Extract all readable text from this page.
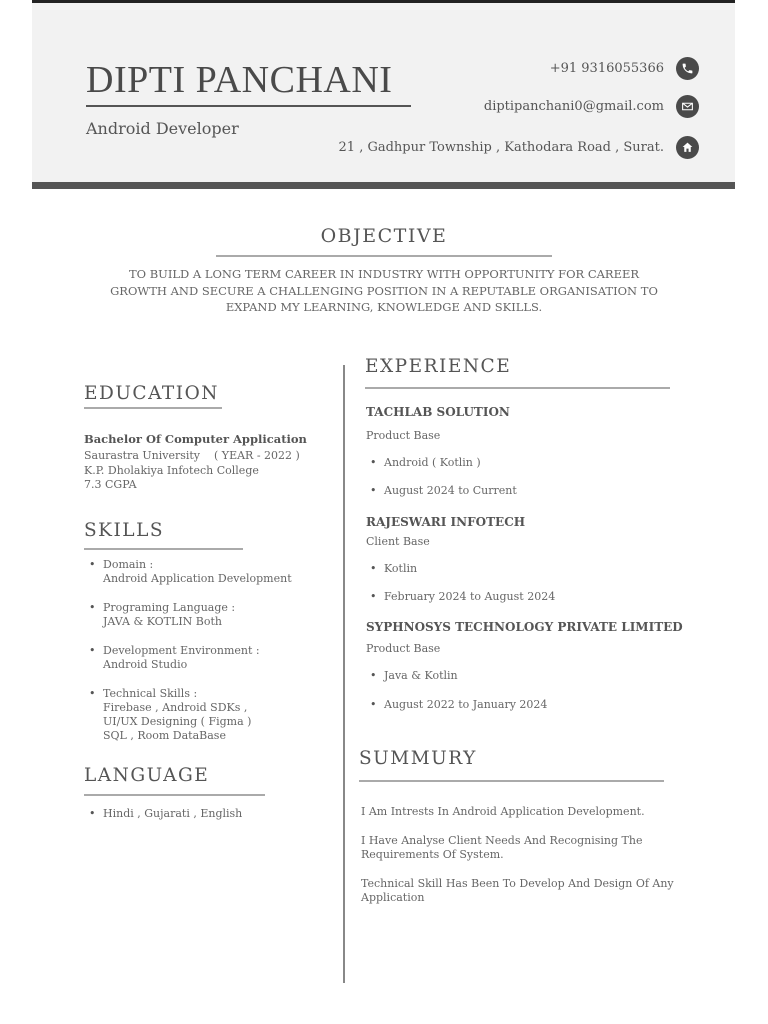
DIPTI PANCHANI
Android Developer
+91 9316055366
diptipanchani0@gmail.com
21 , Gadhpur Township , Kathodara Road , Surat.
OBJECTIVE
TO BUILD A LONG TERM CAREER IN INDUSTRY WITH OPPORTUNITY FOR CAREER GROWTH AND SECURE A CHALLENGING POSITION IN A REPUTABLE ORGANISATION TO EXPAND MY LEARNING, KNOWLEDGE AND SKILLS.
EDUCATION
Bachelor Of Computer Application
Saurastra University    ( YEAR - 2022 )
K.P. Dholakiya Infotech College
7.3 CGPA
SKILLS
• Domain :
Android Application Development
• Programing Language :
JAVA & KOTLIN Both
• Development Environment :
Android Studio
• Technical Skills :
Firebase , Android SDKs ,
UI/UX Designing ( Figma )
SQL , Room DataBase
LANGUAGE
• Hindi , Gujarati , English
EXPERIENCE
TACHLAB SOLUTION
Product Base
• Android ( Kotlin )
• August 2024 to Current
RAJESWARI INFOTECH
Client Base
• Kotlin
• February 2024 to August 2024
SYPHNOSYS TECHNOLOGY PRIVATE LIMITED
Product Base
• Java & Kotlin
• August 2022 to January 2024
SUMMURY

I Am Intrests In Android Application Development.

I Have Analyse Client Needs And Recognising The Requirements Of System.

Technical Skill Has Been To Develop And Design Of Any Application
